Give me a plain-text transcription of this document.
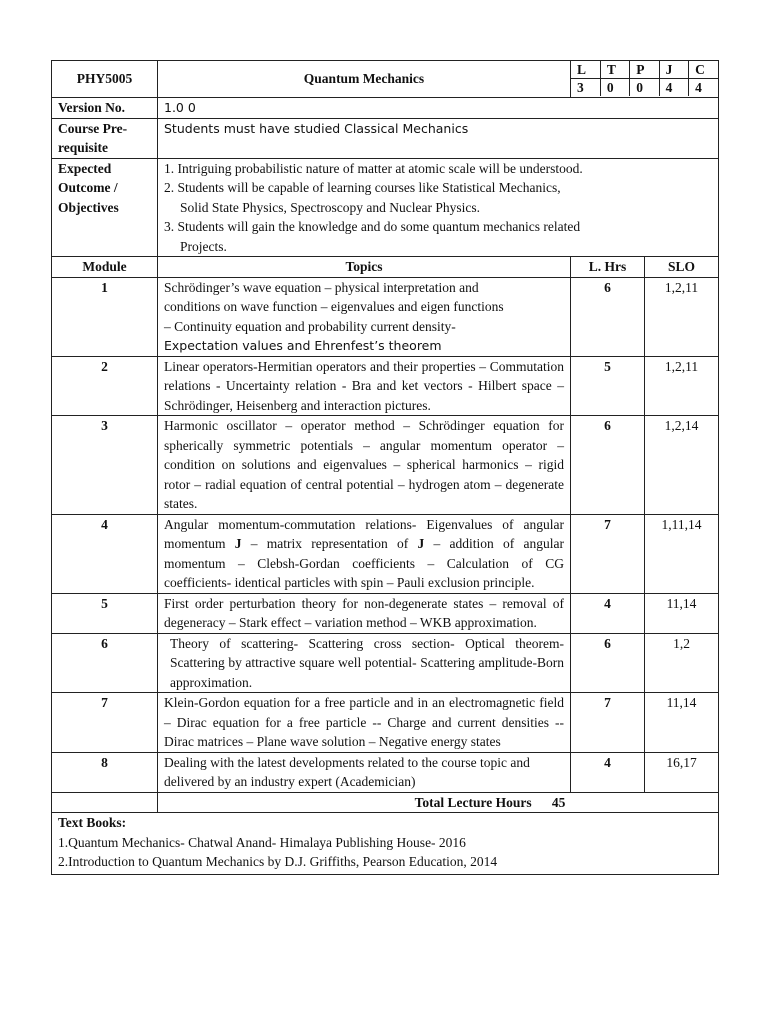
PHY5005	Quantum Mechanics	
L	T	P	J	C
3	0	0	4	4

Version No.	1.0 0

Course Pre-
requisite
	Students must have studied Classical Mechanics

Expected
Outcome /
Objectives

1. Intriguing probabilistic nature of matter at atomic scale will be understood.
2. Students will be capable of learning courses like Statistical Mechanics,
Solid State Physics, Spectroscopy and Nuclear Physics.
3. Students will gain the knowledge and do some quantum mechanics related
Projects.

Module	Topics	L. Hrs	SLO
1	Schrödinger’s wave equation – physical interpretation and
conditions on wave function – eigenvalues and eigen functions
– Continuity equation and probability current density-
Expectation values and Ehrenfest’s theorem
	6	1,2,11
2	Linear operators-Hermitian operators and their properties – Commutation relations - Uncertainty relation - Bra and ket vectors - Hilbert space – Schrödinger, Heisenberg and interaction pictures.	5	1,2,11
3	Harmonic oscillator – operator method – Schrödinger equation for spherically symmetric potentials – angular momentum operator – condition on solutions and eigenvalues – spherical harmonics – rigid rotor – radial equation of central potential – hydrogen atom – degenerate states.	6	1,2,14
4	Angular momentum-commutation relations- Eigenvalues of angular momentum J – matrix representation of J – addition of angular momentum – Clebsh-Gordan coefficients – Calculation of CG coefficients- identical particles with spin – Pauli exclusion principle.	7	1,11,14
5	First order perturbation theory for non-degenerate states – removal of degeneracy – Stark effect – variation method – WKB approximation.	4	11,14
6	Theory of scattering- Scattering cross section- Optical theorem- Scattering by attractive square well potential- Scattering amplitude-Born approximation.	6	1,2
7	Klein-Gordon equation for a free particle and in an electromagnetic field – Dirac equation for a free particle -- Charge and current densities -- Dirac matrices – Plane wave solution – Negative energy states	7	11,14
8	Dealing with the latest developments related to the course topic and delivered by an industry expert (Academician)	4	16,17
	Total Lecture Hours 45

Text Books:
1.Quantum Mechanics- Chatwal Anand- Himalaya Publishing House- 2016
2.Introduction to Quantum Mechanics by D.J. Griffiths, Pearson Education, 2014
